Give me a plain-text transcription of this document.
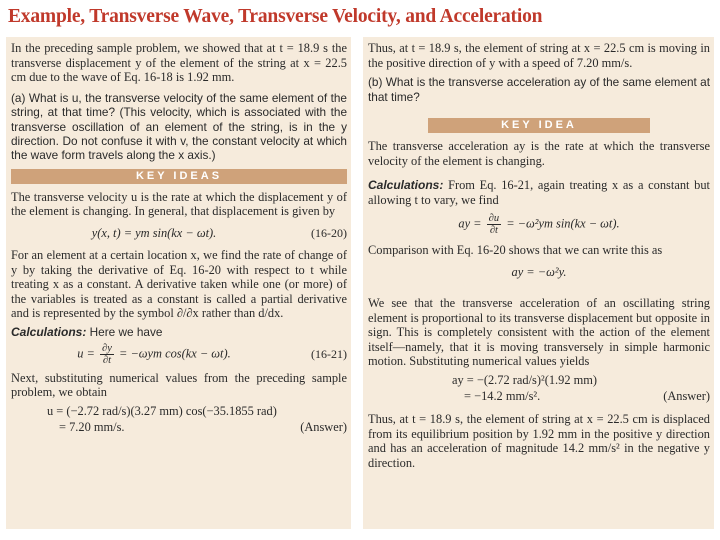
Example, Transverse Wave, Transverse Velocity, and Acceleration

In the preceding sample problem, we showed that at t = 18.9 s the transverse displacement y of the element of the string at x = 22.5 cm due to the wave of Eq. 16-18 is 1.92 mm.

(a) What is u, the transverse velocity of the same element of the string, at that time? (This velocity, which is associated with the transverse oscillation of an element of the string, is in the y direction. Do not confuse it with v, the constant velocity at which the wave form travels along the x axis.)

KEY IDEAS

The transverse velocity u is the rate at which the displacement y of the element is changing. In general, that displacement is given by

y(x, t) = ym sin(kx − ωt).	(16-20)

For an element at a certain location x, we find the rate of change of y by taking the derivative of Eq. 16-20 with respect to t while treating x as a constant. A derivative taken while one (or more) of the variables is treated as a constant is called a partial derivative and is represented by the symbol ∂/∂x rather than d/dx.

Calculations: Here we have

$u = \frac{\partial y}{\partial t} = -\omega ym$ cos(kx − ωt).	(16-21)

Next, substituting numerical values from the preceding sample problem, we obtain

u = (−2.72 rad/s)(3.27 mm) cos(−35.1855 rad)
= 7.20 mm/s.	(Answer)

Thus, at t = 18.9 s, the element of string at x = 22.5 cm is moving in the positive direction of y with a speed of 7.20 mm/s.

(b) What is the transverse acceleration ay of the same element at that time?

KEY IDEA

The transverse acceleration ay is the rate at which the transverse velocity of the element is changing.

Calculations: From Eq. 16-21, again treating x as a constant but allowing t to vary, we find

ay = $\frac{\partial u}{\partial t} = -\omega^2ym$ sin(kx − ωt).

Comparison with Eq. 16-20 shows that we can write this as

ay = −ω²y.

We see that the transverse acceleration of an oscillating string element is proportional to its transverse displacement but opposite in sign. This is completely consistent with the action of the element itself—namely, that it is moving transversely in simple harmonic motion. Substituting numerical values yields

ay = −(2.72 rad/s)²(1.92 mm)
= −14.2 mm/s².	(Answer)

Thus, at t = 18.9 s, the element of string at x = 22.5 cm is displaced from its equilibrium position by 1.92 mm in the positive y direction and has an acceleration of magnitude 14.2 mm/s² in the negative y direction.
